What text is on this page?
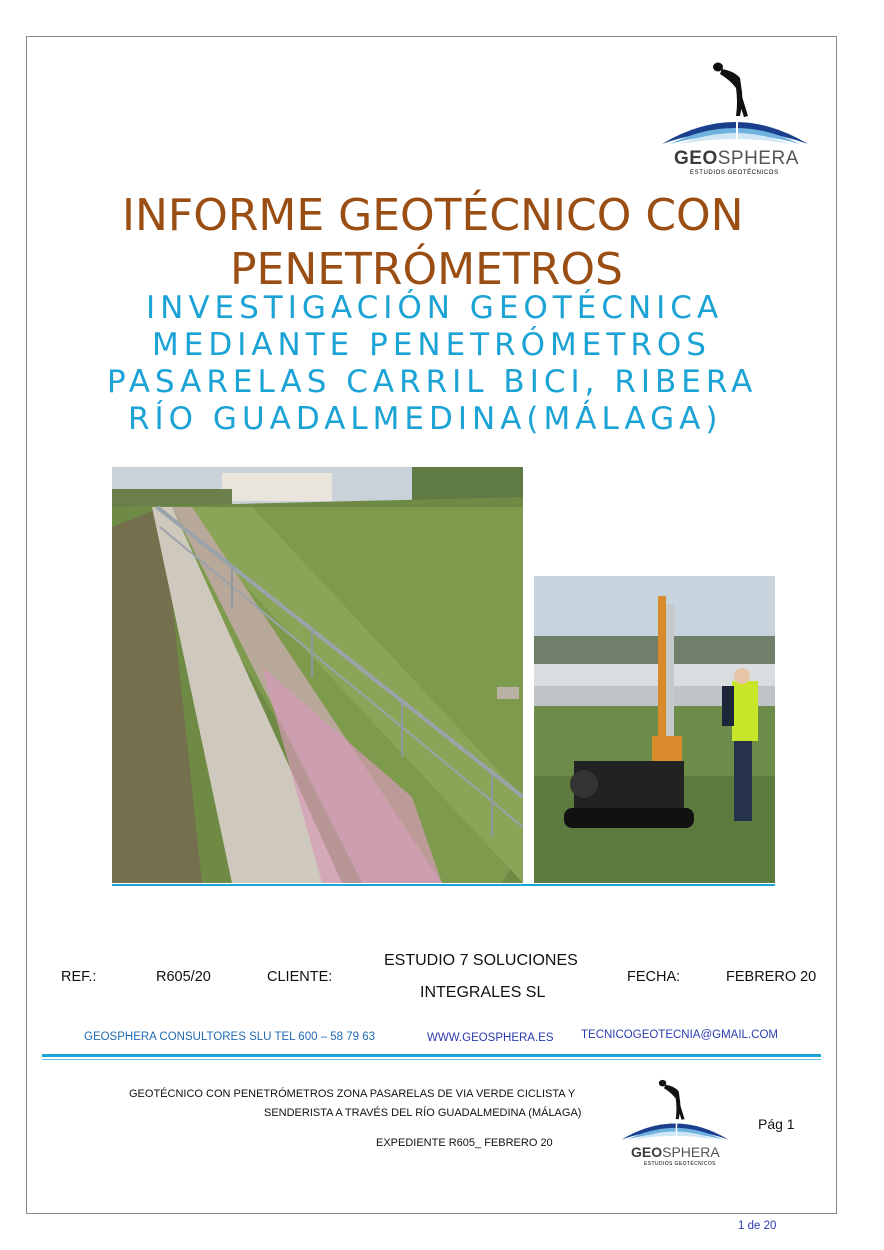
GEOSPHERA
ESTUDIOS GEOTÉCNICOS
INFORME GEOTÉCNICO CON
PENETRÓMETROS
INVESTIGACIÓN GEOTÉCNICA
MEDIANTE PENETRÓMETROS
PASARELAS CARRIL BICI, RIBERA
RÍO GUADALMEDINA(MÁLAGA)
REF.:	R605/20	CLIENTE:
ESTUDIO 7 SOLUCIONES
INTEGRALES SL
FECHA:	FEBRERO 20
GEOSPHERA CONSULTORES SLU TEL 600 – 58 79 63	WWW.GEOSPHERA.ES TECNICOGEOTECNIA@GMAIL.COM
GEOTÉCNICO CON PENETRÓMETROS ZONA PASARELAS DE VIA VERDE CICLISTA Y
SENDERISTA A TRAVÉS DEL RÍO GUADALMEDINA (MÁLAGA)
EXPEDIENTE R605_ FEBRERO 20
GEOSPHERA
ESTUDIOS GEOTÉCNICOS
Pág 1
1 de 20
